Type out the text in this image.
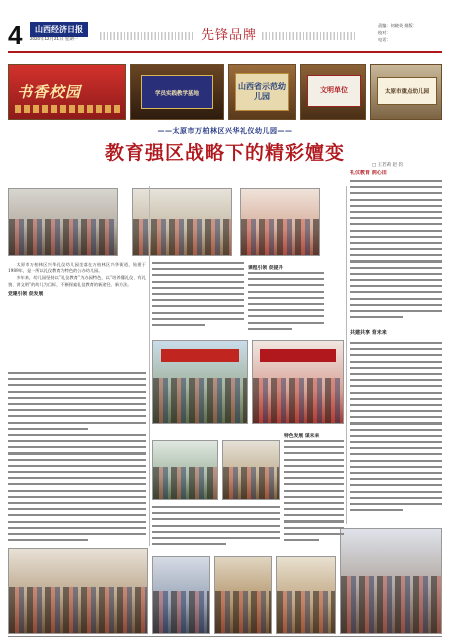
4	山西经济日报
2020年12月21日 星期一	先锋品牌
责编：何晓英 排版：
校对：
电话：
书香校园	学员实践教学基地
山西省示范幼儿园
文明单位	太原市重点幼儿园
——太原市万柏林区兴华礼仪幼儿园——
教育强区战略下的精彩嬗变
□ 王若莉 赵 钧

太原市万柏林区兴华礼仪幼儿园坐落在万柏林区兴华街道，始建于1989年，是一所以礼仪教育为特色的公办幼儿园。

多年来，幼儿园坚持以“礼仪教育”为办园特色，以“培养懂礼仪、有礼貌、讲文明”的幼儿为目标，不断探索礼仪教育的新途径、新方法。

党建引领 促发展
课程引领 促提升
特色发展 谋未来
礼仪教育 润心田
共建共享 育未来
